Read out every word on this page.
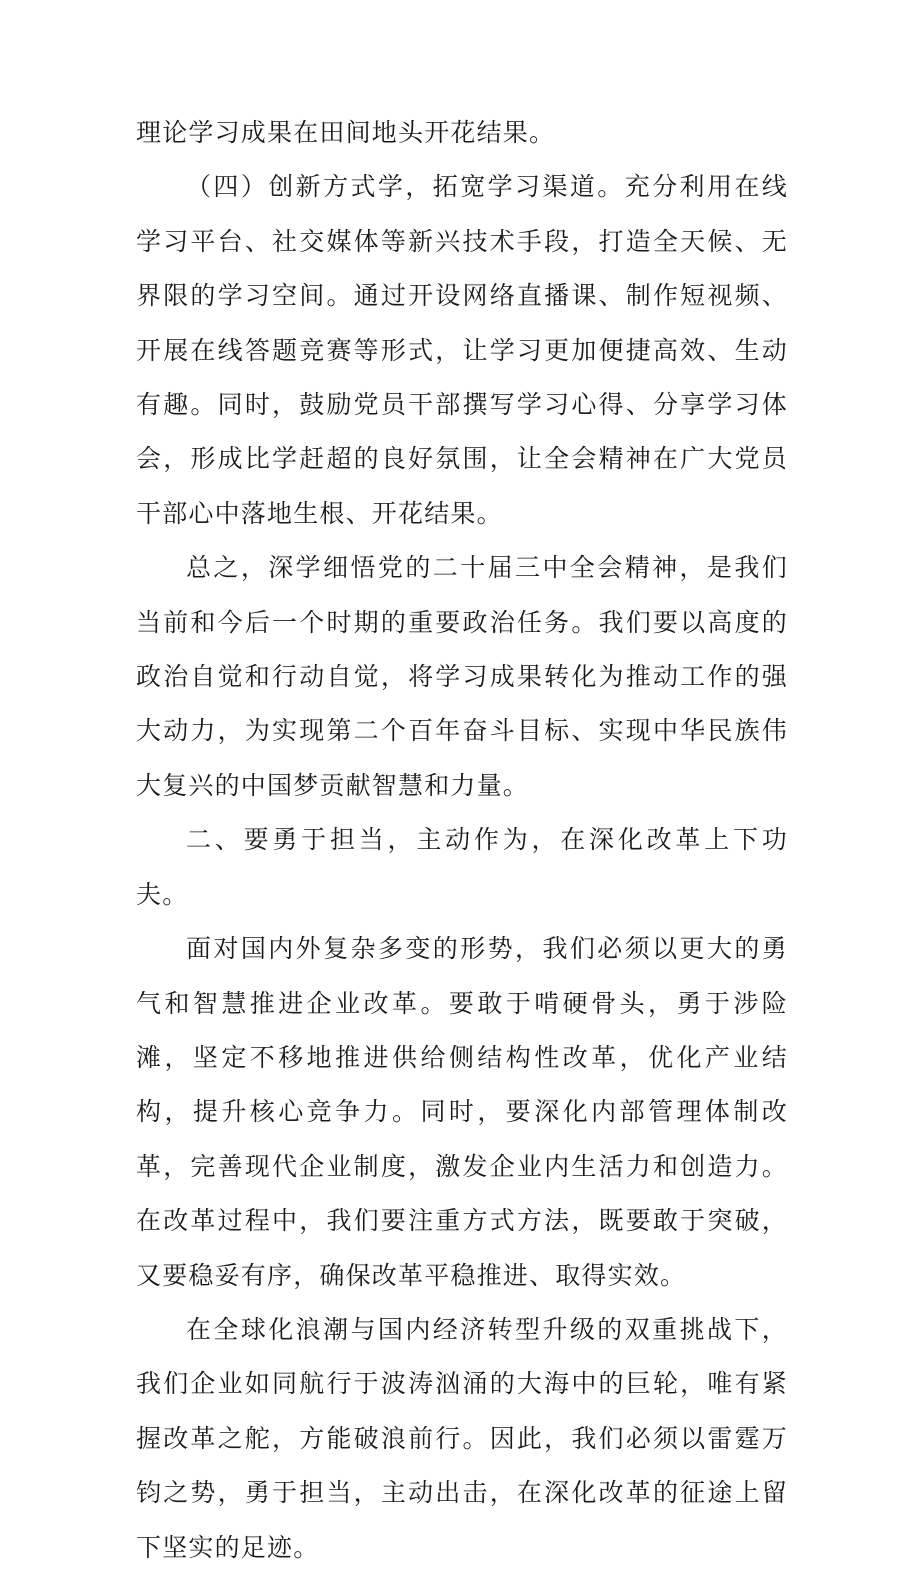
理论学习成果在田间地头开花结果。

（四）创新方式学，拓宽学习渠道。充分利用在线学习平台、社交媒体等新兴技术手段，打造全天候、无界限的学习空间。通过开设网络直播课、制作短视频、开展在线答题竞赛等形式，让学习更加便捷高效、生动有趣。同时，鼓励党员干部撰写学习心得、分享学习体会，形成比学赶超的良好氛围，让全会精神在广大党员干部心中落地生根、开花结果。

总之，深学细悟党的二十届三中全会精神，是我们当前和今后一个时期的重要政治任务。我们要以高度的政治自觉和行动自觉，将学习成果转化为推动工作的强大动力，为实现第二个百年奋斗目标、实现中华民族伟大复兴的中国梦贡献智慧和力量。

二、要勇于担当，主动作为，在深化改革上下功夫。

面对国内外复杂多变的形势，我们必须以更大的勇气和智慧推进企业改革。要敢于啃硬骨头，勇于涉险滩，坚定不移地推进供给侧结构性改革，优化产业结构，提升核心竞争力。同时，要深化内部管理体制改革，完善现代企业制度，激发企业内生活力和创造力。在改革过程中，我们要注重方式方法，既要敢于突破，又要稳妥有序，确保改革平稳推进、取得实效。

在全球化浪潮与国内经济转型升级的双重挑战下，我们企业如同航行于波涛汹涌的大海中的巨轮，唯有紧握改革之舵，方能破浪前行。因此，我们必须以雷霆万钧之势，勇于担当，主动出击，在深化改革的征途上留下坚实的足迹。
